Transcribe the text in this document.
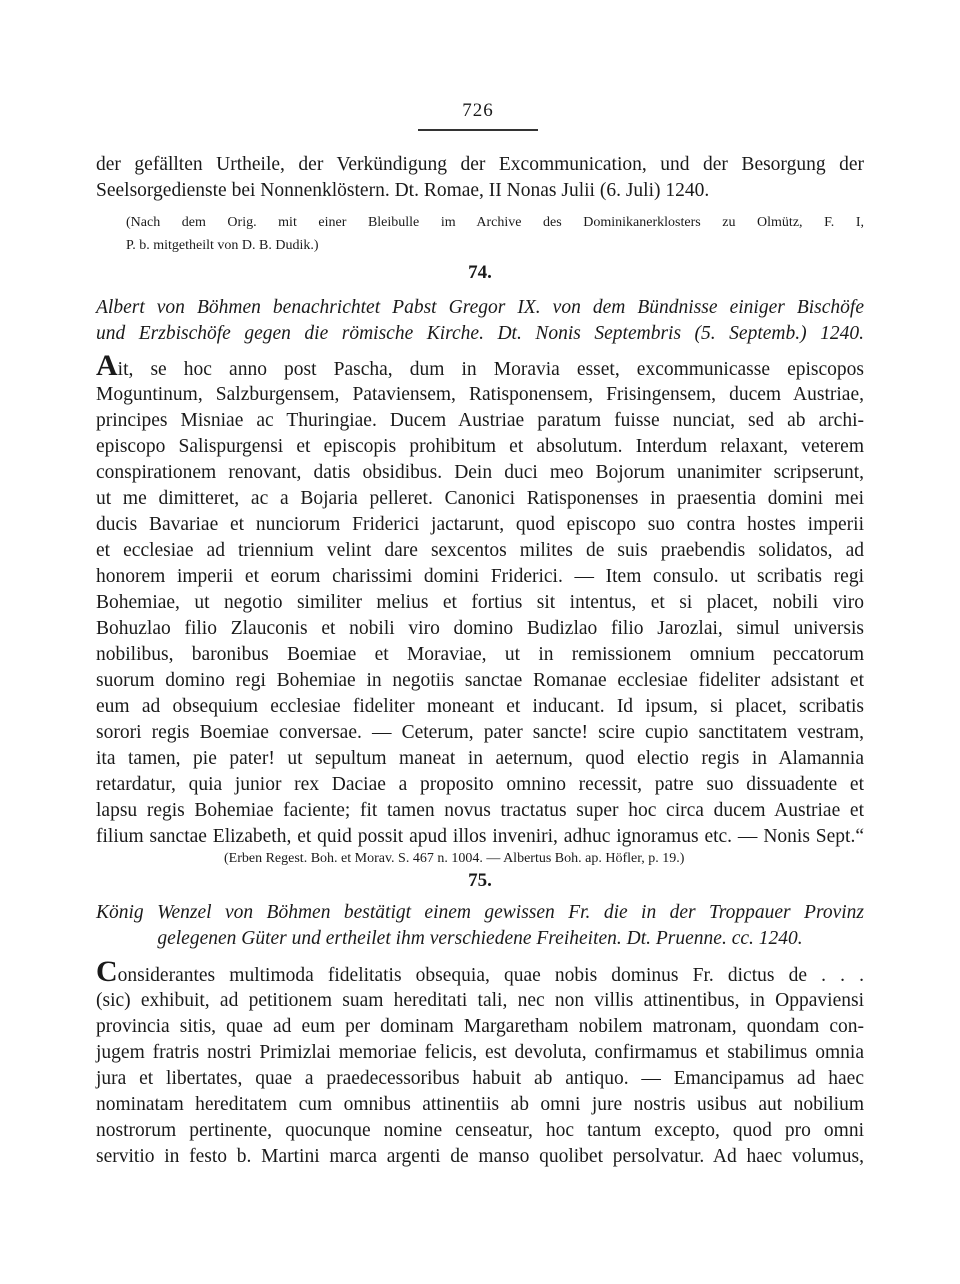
726
der gefällten Urtheile, der Verkündigung der Excommunication, und der Besorgung der
Seelsorgedienste bei Nonnenklöstern. Dt. Romae, II Nonas Julii (6. Juli) 1240.
(Nach dem Orig. mit einer Bleibulle im Archive des Dominikanerklosters zu Olmütz, F. I,
P. b. mitgetheilt von D. B. Dudik.)
74.
Albert von Böhmen benachrichtet Pabst Gregor IX. von dem Bündnisse einiger Bischöfe
und Erzbischöfe gegen die römische Kirche. Dt. Nonis Septembris (5. Septemb.) 1240.
Ait, se hoc anno post Pascha, dum in Moravia esset, excommunicasse episcopos
Moguntinum, Salzburgensem, Pataviensem, Ratisponensem, Frisingensem, ducem Austriae,
principes Misniae ac Thuringiae. Ducem Austriae paratum fuisse nunciat, sed ab archi-
episcopo Salispurgensi et episcopis prohibitum et absolutum. Interdum relaxant, veterem
conspirationem renovant, datis obsidibus. Dein duci meo Bojorum unanimiter scripserunt,
ut me dimitteret, ac a Bojaria pelleret. Canonici Ratisponenses in praesentia domini mei
ducis Bavariae et nunciorum Friderici jactarunt, quod episcopo suo contra hostes imperii
et ecclesiae ad triennium velint dare sexcentos milites de suis praebendis solidatos, ad
honorem imperii et eorum charissimi domini Friderici. — Item consulo. ut scribatis regi
Bohemiae, ut negotio similiter melius et fortius sit intentus, et si placet, nobili viro
Bohuzlao filio Zlauconis et nobili viro domino Budizlao filio Jarozlai, simul universis
nobilibus, baronibus Boemiae et Moraviae, ut in remissionem omnium peccatorum
suorum domino regi Bohemiae in negotiis sanctae Romanae ecclesiae fideliter adsistant et
eum ad obsequium ecclesiae fideliter moneant et inducant. Id ipsum, si placet, scribatis
sorori regis Boemiae conversae. — Ceterum, pater sancte! scire cupio sanctitatem vestram,
ita tamen, pie pater! ut sepultum maneat in aeternum, quod electio regis in Alamannia
retardatur, quia junior rex Daciae a proposito omnino recessit, patre suo dissuadente et
lapsu regis Bohemiae faciente; fit tamen novus tractatus super hoc circa ducem Austriae et
filium sanctae Elizabeth, et quid possit apud illos inveniri, adhuc ignoramus etc. — Nonis Sept.“
(Erben Regest. Boh. et Morav. S. 467 n. 1004. — Albertus Boh. ap. Höfler, p. 19.)
75.
König Wenzel von Böhmen bestätigt einem gewissen Fr. die in der Troppauer Provinz
gelegenen Güter und ertheilet ihm verschiedene Freiheiten. Dt. Pruenne. cc. 1240.
Considerantes multimoda fidelitatis obsequia, quae nobis dominus Fr. dictus de . . .
(sic) exhibuit, ad petitionem suam hereditati tali, nec non villis attinentibus, in Oppaviensi
provincia sitis, quae ad eum per dominam Margaretham nobilem matronam, quondam con-
jugem fratris nostri Primizlai memoriae felicis, est devoluta, confirmamus et stabilimus omnia
jura et libertates, quae a praedecessoribus habuit ab antiquo. — Emancipamus ad haec
nominatam hereditatem cum omnibus attinentiis ab omni jure nostris usibus aut nobilium
nostrorum pertinente, quocunque nomine censeatur, hoc tantum excepto, quod pro omni
servitio in festo b. Martini marca argenti de manso quolibet persolvatur. Ad haec volumus,
